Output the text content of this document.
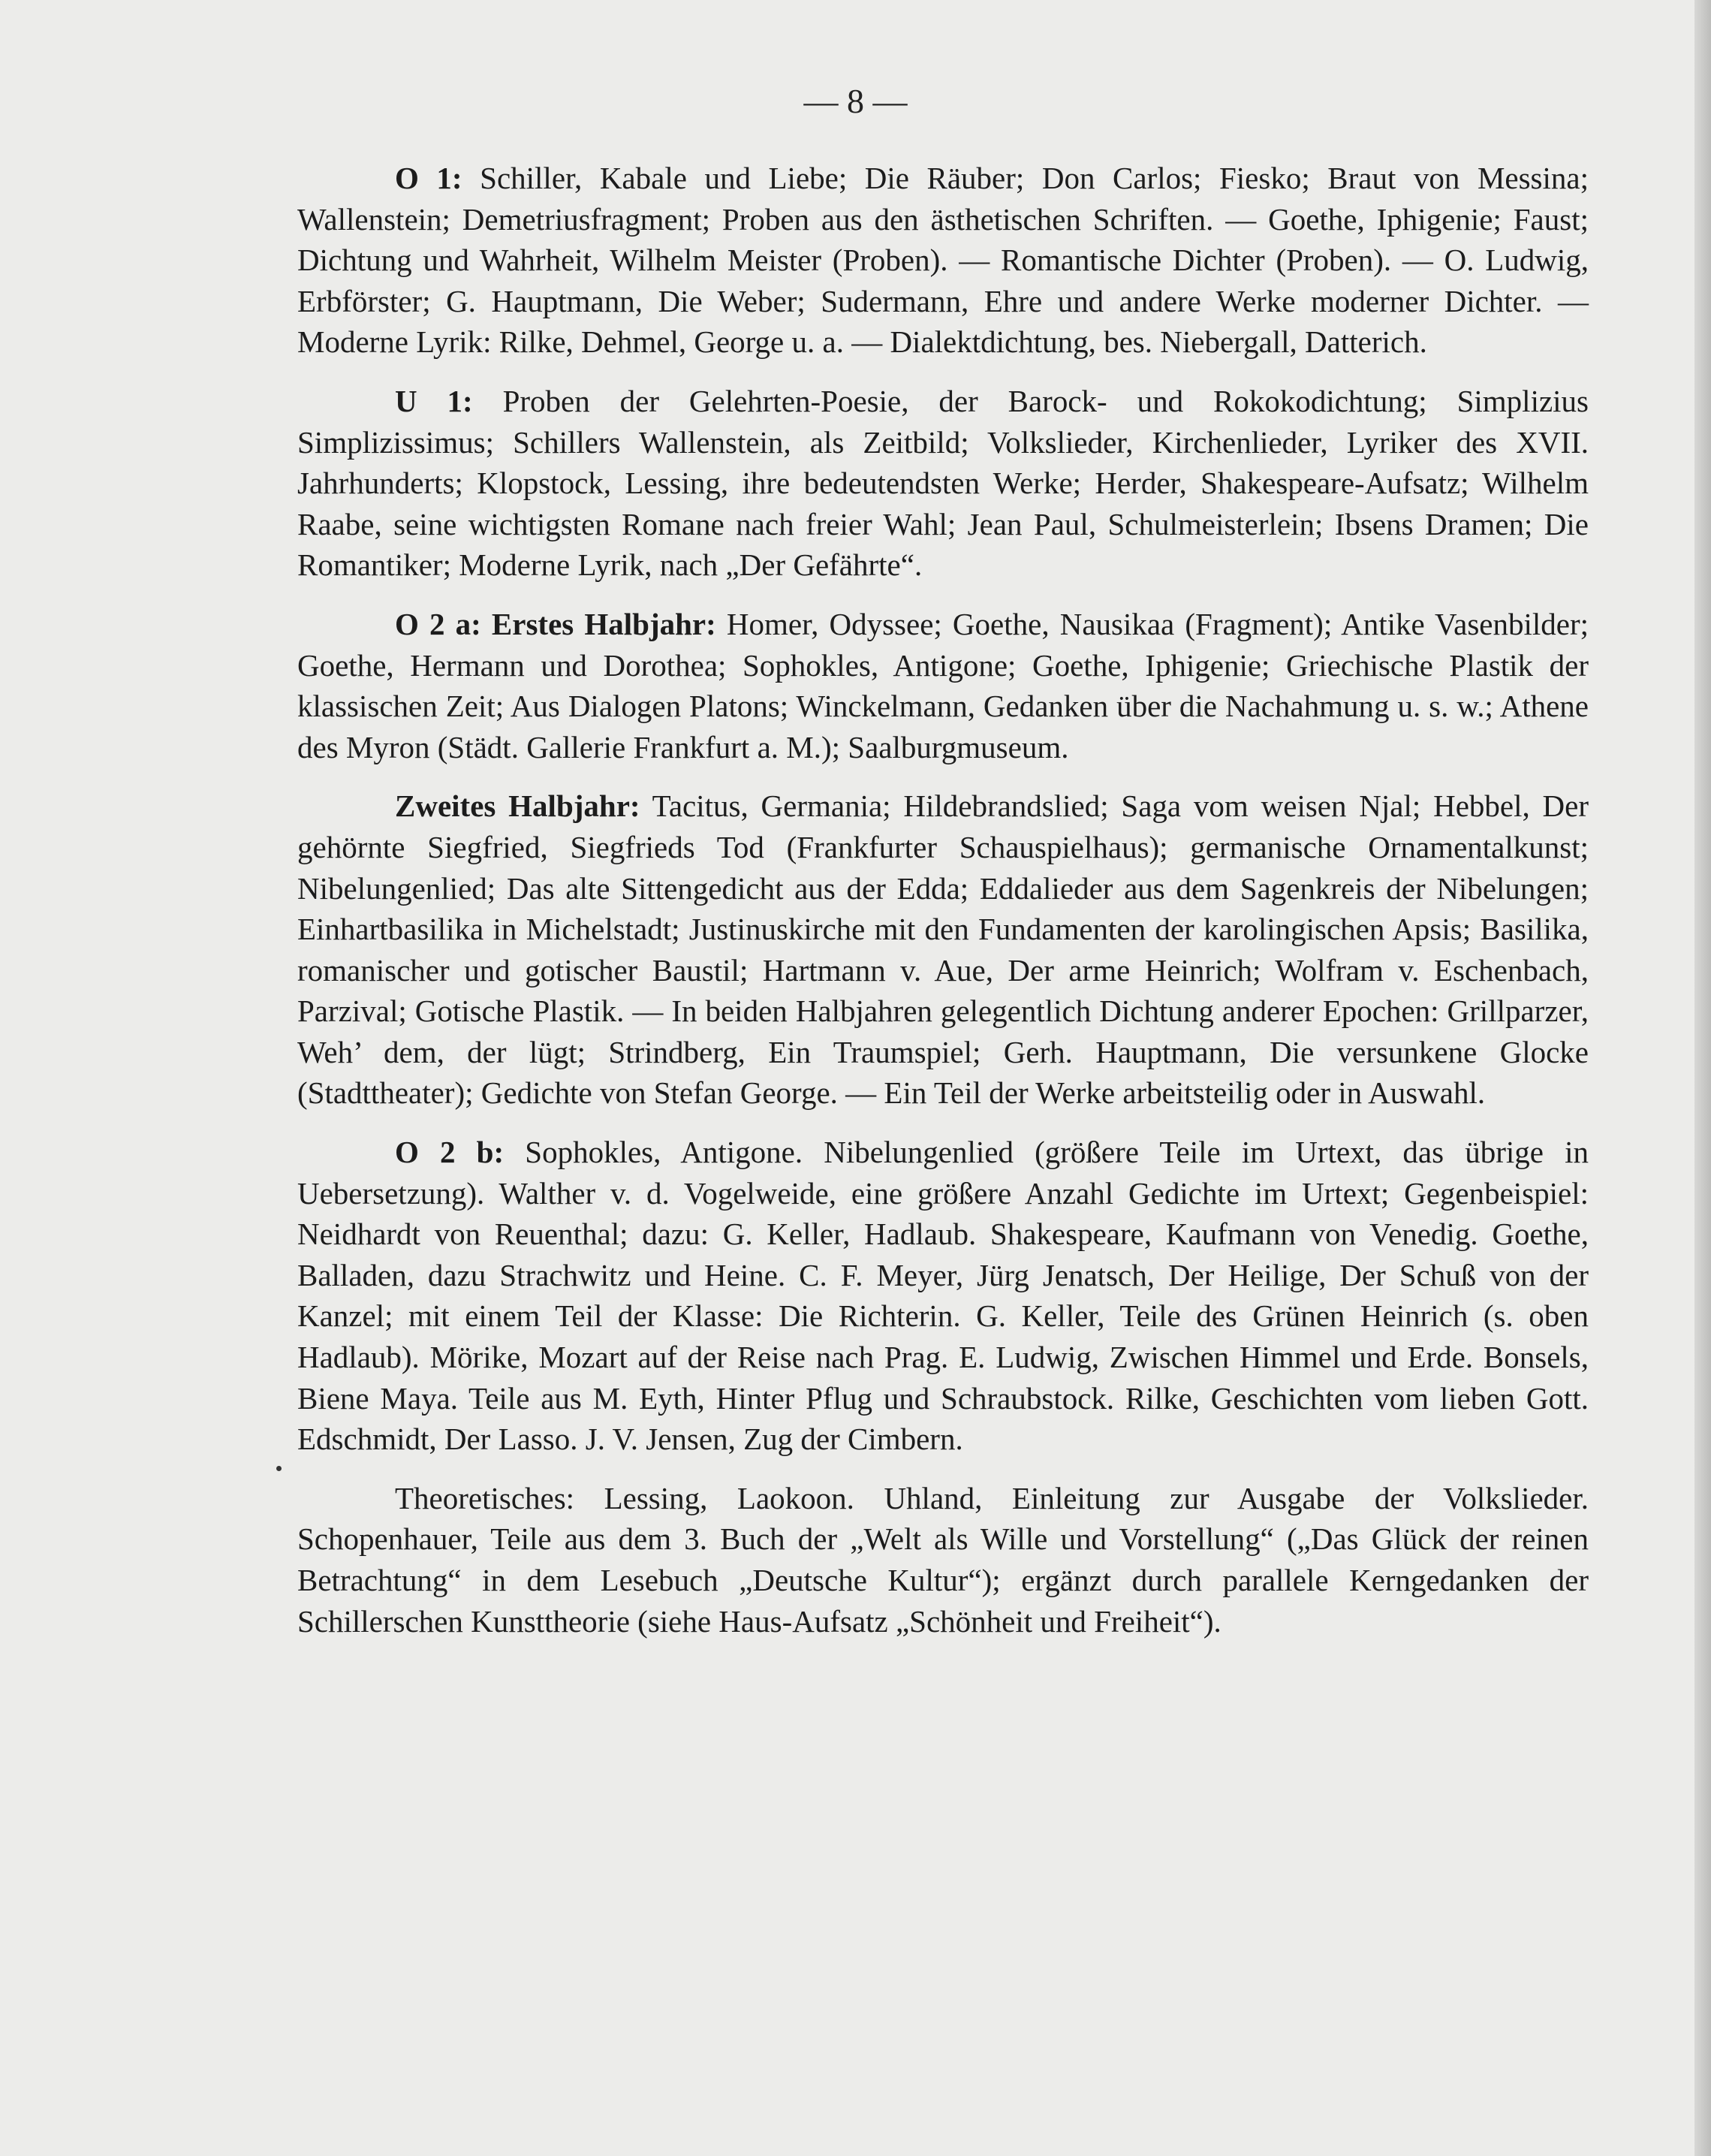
— 8 —

O 1: Schiller, Kabale und Liebe; Die Räuber; Don Carlos; Fiesko; Braut von Messina; Wallenstein; Demetriusfragment; Proben aus den ästhetischen Schriften. — Goethe, Iphigenie; Faust; Dichtung und Wahrheit, Wilhelm Meister (Proben). — Romantische Dichter (Proben). — O. Ludwig, Erbförster; G. Hauptmann, Die Weber; Sudermann, Ehre und andere Werke moderner Dichter. — Moderne Lyrik: Rilke, Dehmel, George u. a. — Dialektdichtung, bes. Niebergall, Datterich.

U 1: Proben der Gelehrten-Poesie, der Barock- und Rokokodichtung; Simplizius Simplizissimus; Schillers Wallenstein, als Zeitbild; Volkslieder, Kirchenlieder, Lyriker des XVII. Jahrhunderts; Klopstock, Lessing, ihre bedeutendsten Werke; Herder, Shakespeare-Aufsatz; Wilhelm Raabe, seine wichtigsten Romane nach freier Wahl; Jean Paul, Schulmeisterlein; Ibsens Dramen; Die Romantiker; Moderne Lyrik, nach „Der Gefährte“.

O 2 a: Erstes Halbjahr: Homer, Odyssee; Goethe, Nausikaa (Fragment); Antike Vasenbilder; Goethe, Hermann und Dorothea; Sophokles, Antigone; Goethe, Iphigenie; Griechische Plastik der klassischen Zeit; Aus Dialogen Platons; Winckelmann, Gedanken über die Nachahmung u. s. w.; Athene des Myron (Städt. Gallerie Frankfurt a. M.); Saalburgmuseum.

Zweites Halbjahr: Tacitus, Germania; Hildebrandslied; Saga vom weisen Njal; Hebbel, Der gehörnte Siegfried, Siegfrieds Tod (Frankfurter Schauspielhaus); germanische Ornamentalkunst; Nibelungenlied; Das alte Sittengedicht aus der Edda; Eddalieder aus dem Sagenkreis der Nibelungen; Einhartbasilika in Michelstadt; Justinuskirche mit den Fundamenten der karolingischen Apsis; Basilika, romanischer und gotischer Baustil; Hartmann v. Aue, Der arme Heinrich; Wolfram v. Eschenbach, Parzival; Gotische Plastik. — In beiden Halbjahren gelegentlich Dichtung anderer Epochen: Grillparzer, Weh’ dem, der lügt; Strindberg, Ein Traumspiel; Gerh. Hauptmann, Die versunkene Glocke (Stadttheater); Gedichte von Stefan George. — Ein Teil der Werke arbeitsteilig oder in Auswahl.

O 2 b: Sophokles, Antigone. Nibelungenlied (größere Teile im Urtext, das übrige in Uebersetzung). Walther v. d. Vogelweide, eine größere Anzahl Gedichte im Urtext; Gegenbeispiel: Neidhardt von Reuenthal; dazu: G. Keller, Hadlaub. Shakespeare, Kaufmann von Venedig. Goethe, Balladen, dazu Strachwitz und Heine. C. F. Meyer, Jürg Jenatsch, Der Heilige, Der Schuß von der Kanzel; mit einem Teil der Klasse: Die Richterin. G. Keller, Teile des Grünen Heinrich (s. oben Hadlaub). Mörike, Mozart auf der Reise nach Prag. E. Ludwig, Zwischen Himmel und Erde. Bonsels, Biene Maya. Teile aus M. Eyth, Hinter Pflug und Schraubstock. Rilke, Geschichten vom lieben Gott. Edschmidt, Der Lasso. J. V. Jensen, Zug der Cimbern.

Theoretisches: Lessing, Laokoon. Uhland, Einleitung zur Ausgabe der Volkslieder. Schopenhauer, Teile aus dem 3. Buch der „Welt als Wille und Vorstellung“ („Das Glück der reinen Betrachtung“ in dem Lesebuch „Deutsche Kultur“); ergänzt durch parallele Kerngedanken der Schillerschen Kunsttheorie (siehe Haus-Aufsatz „Schönheit und Freiheit“).
